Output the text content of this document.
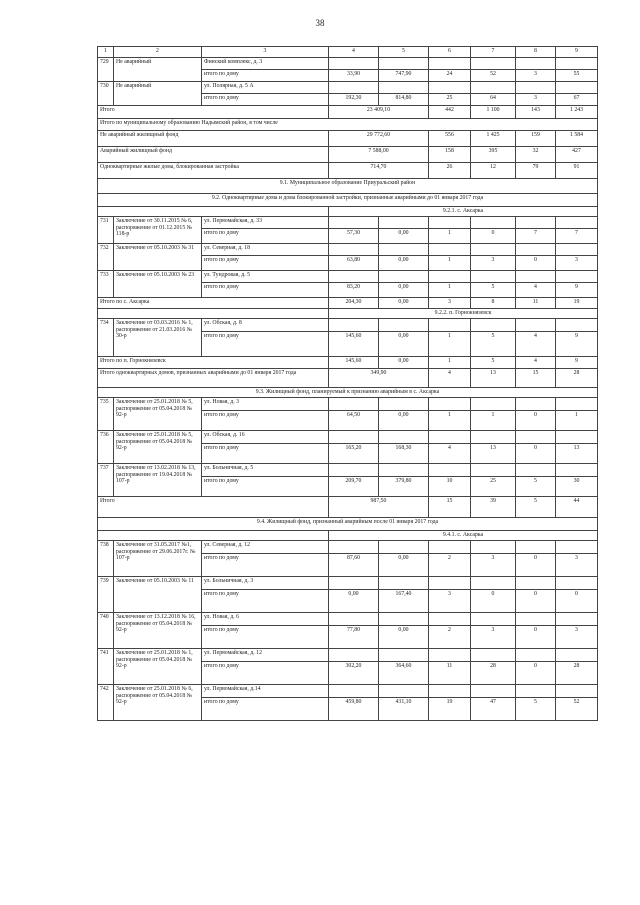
38
1	2	3	4	5	6	7	8	9
729	Не аварийный	Финский комплекс, д. 3						
		итого по дому	33,90	747,90	24	52	3	55
730	Не аварийный	ул. Полярная, д. 5 А						
		итого по дому	192,30	814,80	25	64	3	67
Итого			23 409,10		442	1 100	143	1 243
Итого по муниципальному образованию Надымский район, в том числе								
Не аварийный жилищный фонд			29 772,60		556	1 425	159	1 584
Аварийный жилищный фонд			7 588,00		158	395	32	427
Одноквартирные жилые дома, блокированная застройка			714,70		26	12	79	91
9.1. Муниципальное образование Приуральский район								
9.2. Одноквартирные дома и дома блокированной застройки, признанные аварийными до 01 января 2017 года								
			9.2.1. с. Аксарка					
731	Заключение от 30.11.2015 № 6, распоряжение от 01.12.2015 № 118-р	ул. Первомайская, д. 33						
		итого по дому	57,30	0,00	1	0	7	7
732	Заключение от 05.10.2003 № 31	ул. Северная, д. 18						
		итого по дому	63,80	0,00	1	3	0	3
733	Заключение от 05.10.2003 № 23	ул. Тундровая, д. 5						
		итого по дому	83,20	0,00	1	5	4	9
Итого по с. Аксарка			204,30	0,00	3	8	11	19
			9.2.2. п. Горнокнязевск					
734	Заключение от 03.03.2016 № 1, распоряжение от 21.03.2016 № 30-р	ул. Обская, д. 8						
		итого по дому	145,60	0,00	1	5	4	9
Итого по п. Горнокнязевск			145,60	0,00	1	5	4	9
Итого одноквартирных домов, признанных аварийными до 01 января 2017 года			349,90		4	13	15	28
9.3. Жилищный фонд, планируемый к признанию аварийным в с. Аксарка								
735	Заключение от 25.01.2018 № 5, распоряжение от 05.04.2018 № 92-р	ул. Новая, д. 3						
		итого по дому	64,50	0,00	1	1	0	1
736	Заключение от 25.01.2018 № 5, распоряжение от 05.04.2018 № 92-р	ул. Обская, д. 16						
		итого по дому	165,20	168,30	4	13	0	13
737	Заключение от 13.02.2018 № 13, распоряжение от 19.04.2018 № 107-р	ул. Больничная, д. 5						
		итого по дому	209,70	379,80	10	25	5	30
Итого			987,50		15	39	5	44
9.4. Жилищный фонд, признанный аварийным после 01 января 2017 года								
			9.4.1. с. Аксарка					
738	Заключение от 31.05.2017 №1, распоряжение от 29.06.2017г. № 107-р	ул. Северная, д. 12						
		итого по дому	87,60	0,00	2	3	0	3
739	Заключение от 05.10.2003 № 11	ул. Больничная, д. 3						
		итого по дому	0,00	167,40	3	0	0	0
740	Заключение от 13.12.2018 № 16, распоряжение от 05.04.2018 № 92-р	ул. Новая, д. 6						
		итого по дому	77,80	0,00	2	3	0	3
741	Заключение от 25.01.2018 № 1, распоряжение от 05.04.2018 № 92-р	ул. Первомайская, д. 12						
		итого по дому	302,20	364,60	11	28	0	28
742	Заключение от 25.01.2018 № 6, распоряжение от 05.04.2018 № 92-р	ул. Первомайская, д.14						
		итого по дому	459,80	431,10	19	47	5	52
